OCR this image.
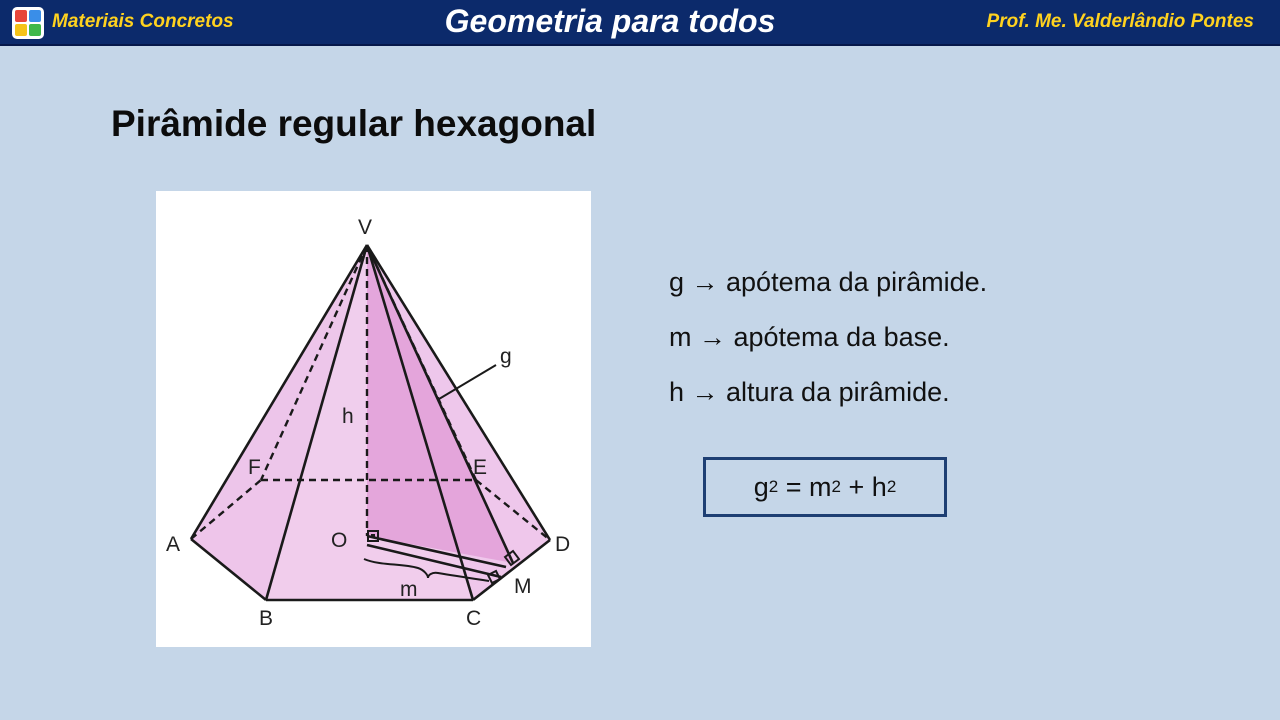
Materiais Concretos	Geometria para todos	Prof. Me. Valderlândio Pontes
Pirâmide regular hexagonal
V
A
B	C
D
E
F
O
M
g
h
m
g → apótema da pirâmide.
m → apótema da base.
h → altura da pirâmide.
g 2
=
m 2
+
h 2
